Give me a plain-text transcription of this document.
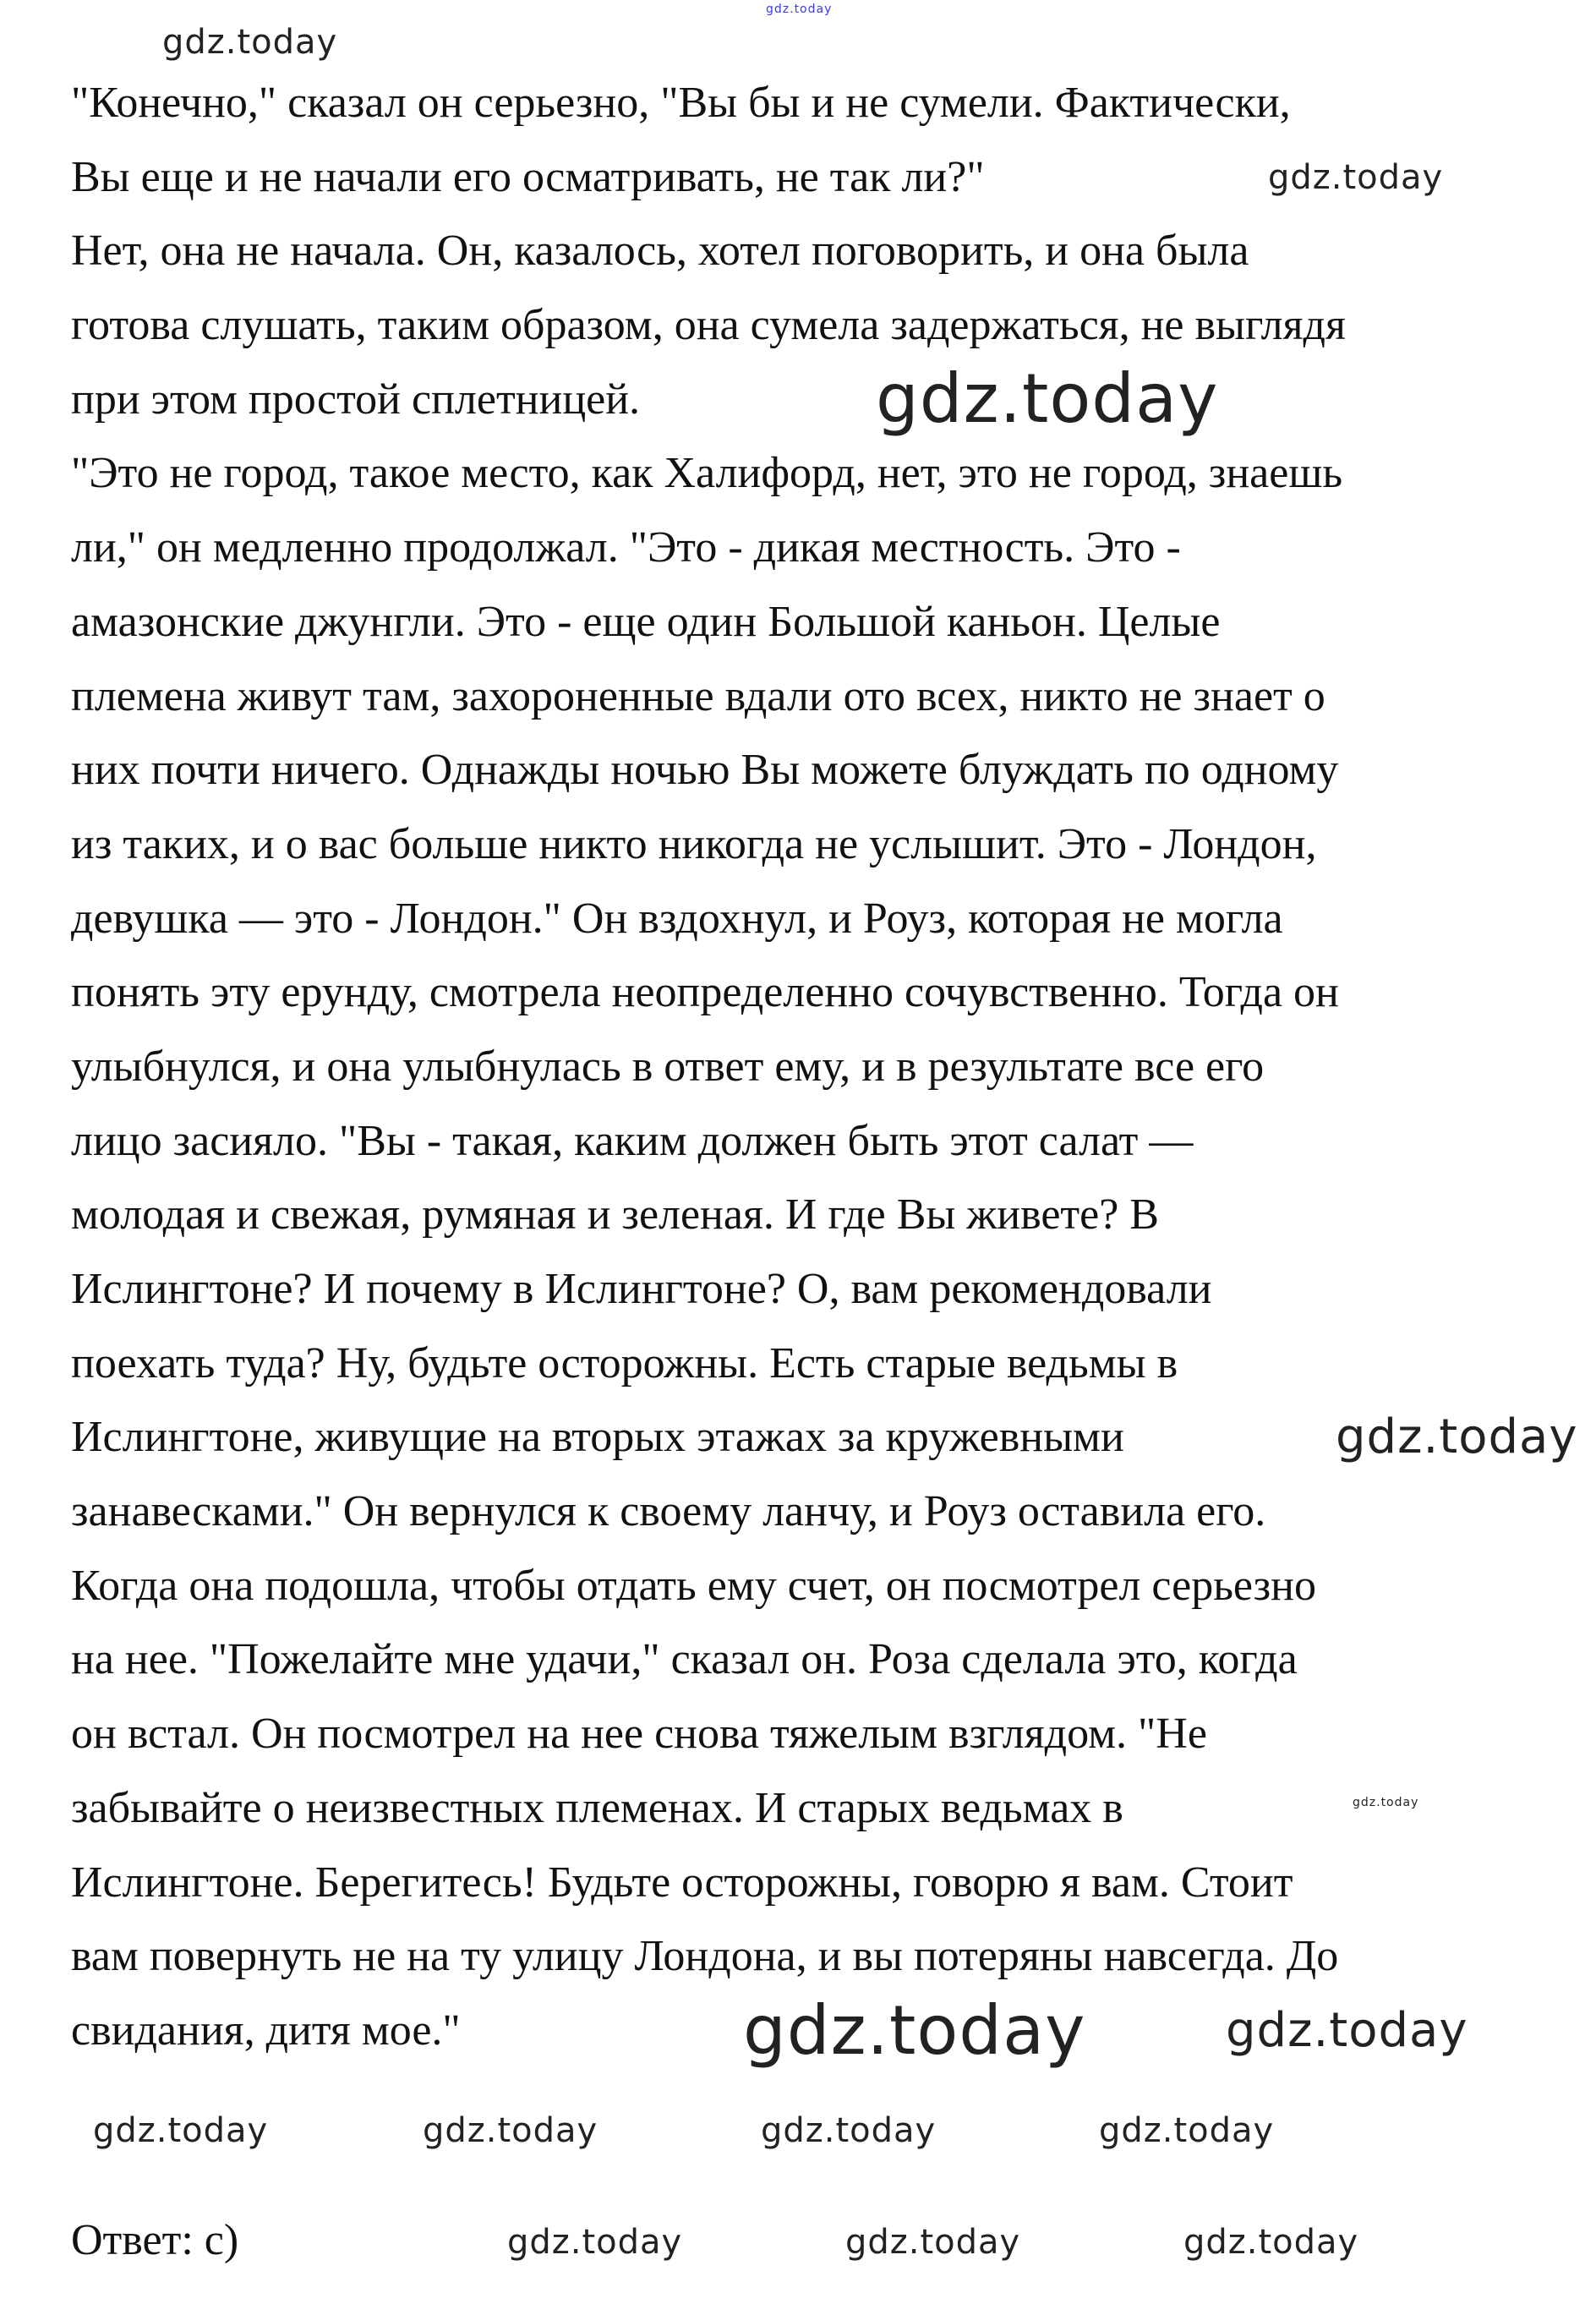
"Конечно," сказал он серьезно, "Вы бы и не сумели. Фактически,
Вы еще и не начали его осматривать, не так ли?"
Нет, она не начала. Он, казалось, хотел поговорить, и она была
готова слушать, таким образом, она сумела задержаться, не выглядя
при этом простой сплетницей.
"Это не город, такое место, как Халифорд, нет, это не город, знаешь
ли," он медленно продолжал. "Это - дикая местность. Это -
амазонские джунгли. Это - еще один Большой каньон. Целые
племена живут там, захороненные вдали ото всех, никто не знает о
них почти ничего. Однажды ночью Вы можете блуждать по одному
из таких, и о вас больше никто никогда не услышит. Это - Лондон,
девушка — это - Лондон." Он вздохнул, и Роуз, которая не могла
понять эту ерунду, смотрела неопределенно сочувственно. Тогда он
улыбнулся, и она улыбнулась в ответ ему, и в результате все его
лицо засияло. "Вы - такая, каким должен быть этот салат —
молодая и свежая, румяная и зеленая. И где Вы живете? В
Ислингтоне? И почему в Ислингтоне? О, вам рекомендовали
поехать туда? Ну, будьте осторожны. Есть старые ведьмы в
Ислингтоне, живущие на вторых этажах за кружевными
занавесками." Он вернулся к своему ланчу, и Роуз оставила его.
Когда она подошла, чтобы отдать ему счет, он посмотрел серьезно
на нее. "Пожелайте мне удачи," сказал он. Роза сделала это, когда
он встал. Он посмотрел на нее снова тяжелым взглядом. "Не
забывайте о неизвестных племенах. И старых ведьмах в
Ислингтоне. Берегитесь! Будьте осторожны, говорю я вам. Стоит
вам повернуть не на ту улицу Лондона, и вы потеряны навсегда. До
свидания, дитя мое."
Ответ: с)
gdz.today
gdz.today
gdz.today
gdz.today
gdz.today
gdz.today
gdz.today	gdz.today
gdz.today	gdz.today	gdz.today	gdz.today
gdz.today	gdz.today	gdz.today
